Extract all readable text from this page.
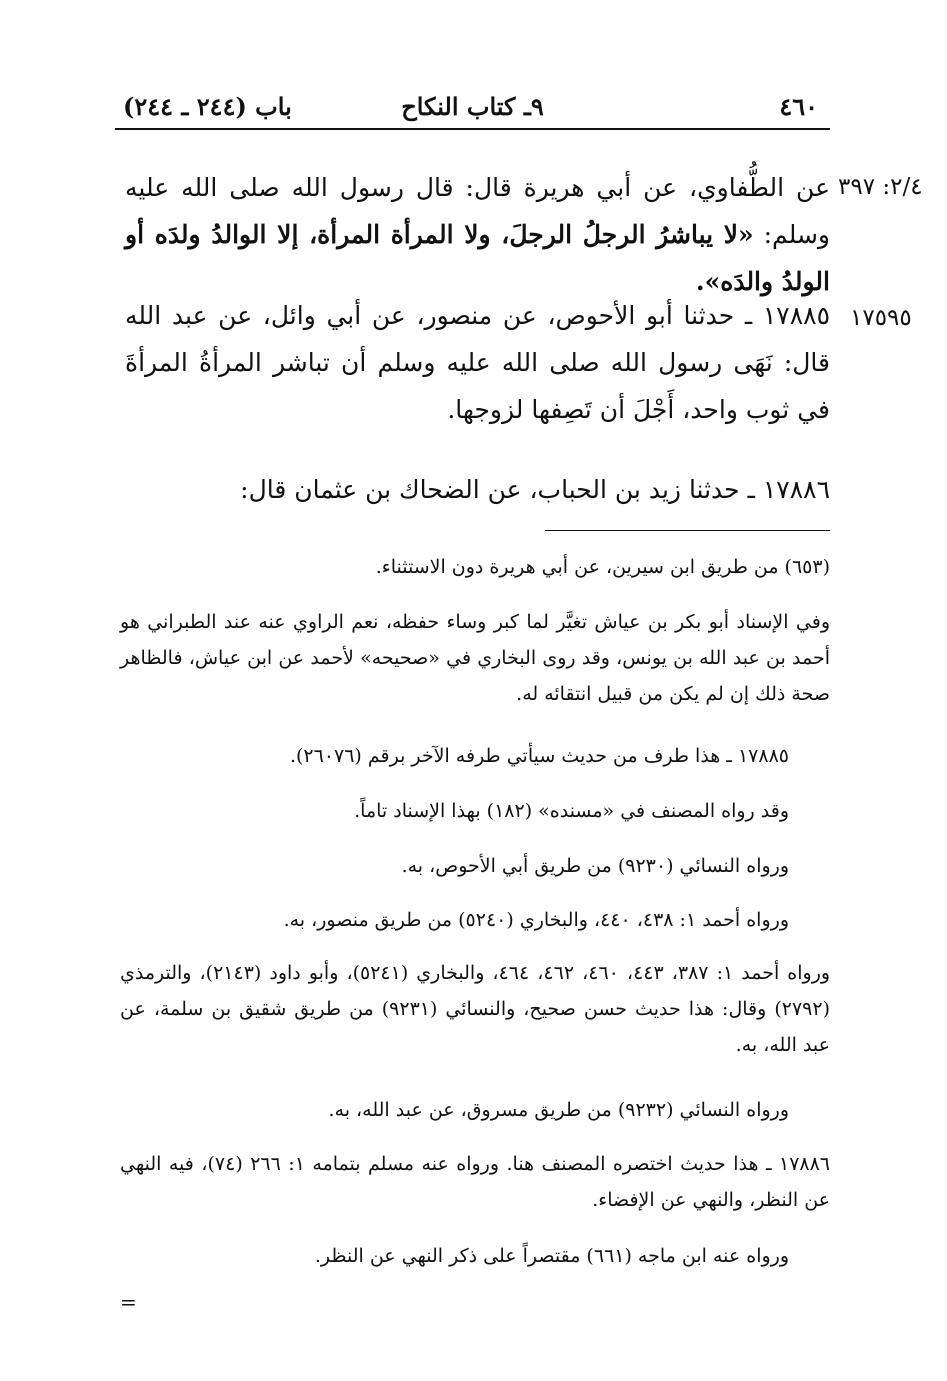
٤٦٠
٩ـ كتاب النكاح
باب (٢٤٤ ـ ٢٤٤)
٢/٤: ٣٩٧
١٧٥٩٥
عن الطُّفاوي، عن أبي هريرة قال: قال رسول الله صلى الله عليه وسلم: «لا يباشرُ الرجلُ الرجلَ، ولا المرأة المرأة، إلا الوالدُ ولدَه أو الولدُ والدَه».
١٧٨٨٥ ـ حدثنا أبو الأحوص، عن منصور، عن أبي وائل، عن عبد الله قال: نَهَى رسول الله صلى الله عليه وسلم أن تباشر المرأةُ المرأةَ في ثوب واحد، أَجْلَ أن تَصِفها لزوجها.
١٧٨٨٦ ـ حدثنا زيد بن الحباب، عن الضحاك بن عثمان قال:
(٦٥٣) من طريق ابن سيرين، عن أبي هريرة دون الاستثناء.
وفي الإسناد أبو بكر بن عياش تغيَّر لما كبر وساء حفظه، نعم الراوي عنه عند الطبراني هو أحمد بن عبد الله بن يونس، وقد روى البخاري في «صحيحه» لأحمد عن ابن عياش، فالظاهر صحة ذلك إن لم يكن من قبيل انتقائه له.
١٧٨٨٥ ـ هذا طرف من حديث سيأتي طرفه الآخر برقم (٢٦٠٧٦).
وقد رواه المصنف في «مسنده» (١٨٢) بهذا الإسناد تاماً.
ورواه النسائي (٩٢٣٠) من طريق أبي الأحوص، به.
ورواه أحمد ١: ٤٣٨، ٤٤٠، والبخاري (٥٢٤٠) من طريق منصور، به.
ورواه أحمد ١: ٣٨٧، ٤٤٣، ٤٦٠، ٤٦٢، ٤٦٤، والبخاري (٥٢٤١)، وأبو داود (٢١٤٣)، والترمذي (٢٧٩٢) وقال: هذا حديث حسن صحيح، والنسائي (٩٢٣١) من طريق شقيق بن سلمة، عن عبد الله، به.
ورواه النسائي (٩٢٣٢) من طريق مسروق، عن عبد الله، به.
١٧٨٨٦ ـ هذا حديث اختصره المصنف هنا. ورواه عنه مسلم بتمامه ١: ٢٦٦ (٧٤)، فيه النهي عن النظر، والنهي عن الإفضاء.
ورواه عنه ابن ماجه (٦٦١) مقتصراً على ذكر النهي عن النظر.
=
